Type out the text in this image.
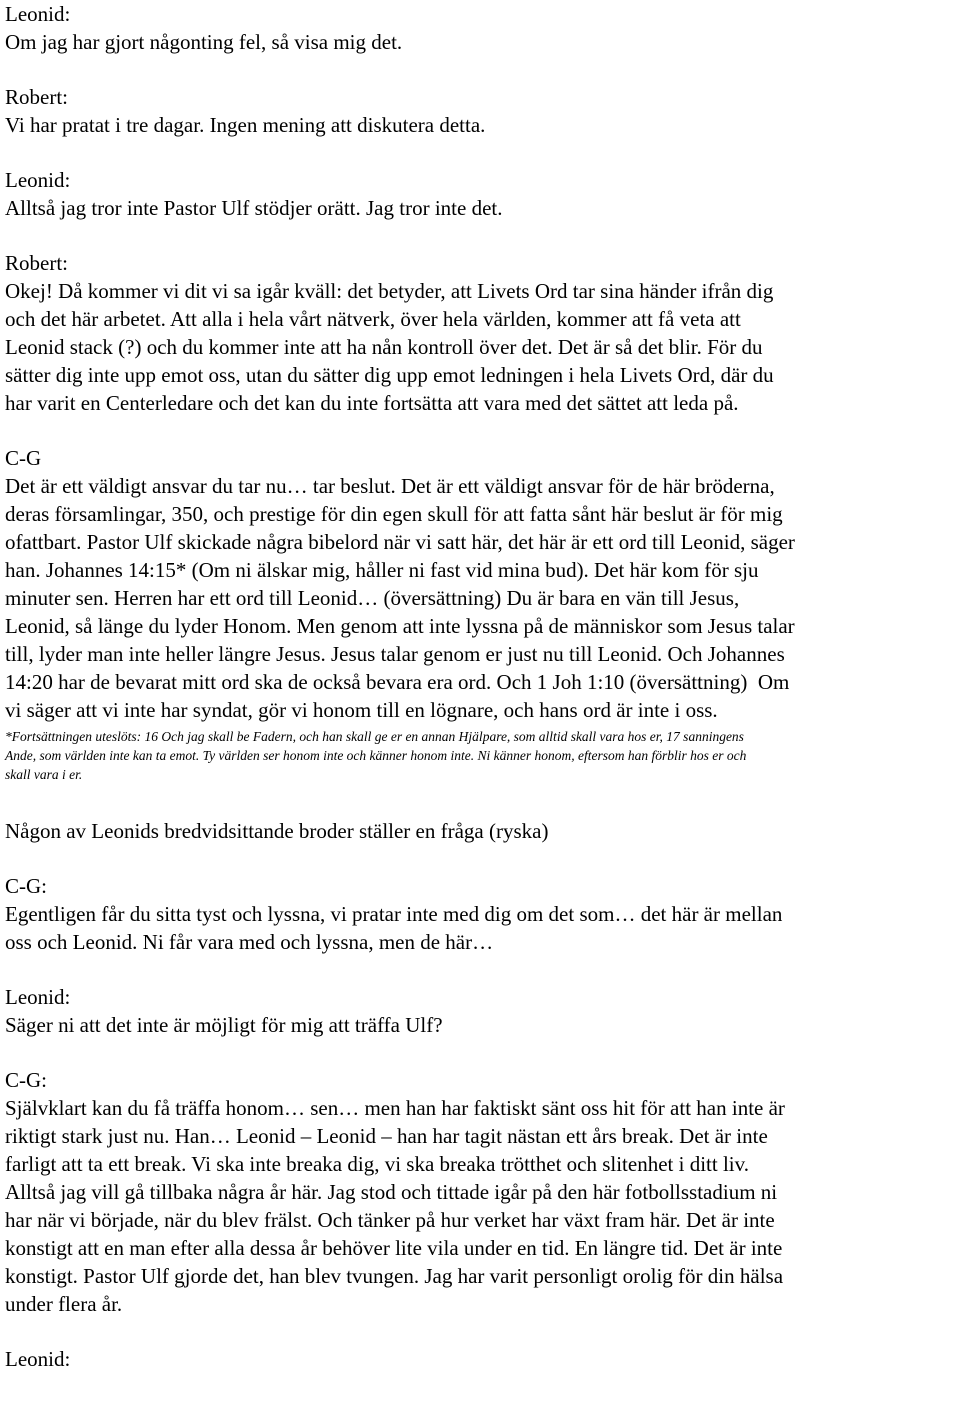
Leonid:

Om jag har gjort någonting fel, så visa mig det.

Robert:

Vi har pratat i tre dagar. Ingen mening att diskutera detta.

Leonid:

Alltså jag tror inte Pastor Ulf stödjer orätt. Jag tror inte det.

Robert:

Okej! Då kommer vi dit vi sa igår kväll: det betyder, att Livets Ord tar sina händer ifrån dig

och det här arbetet. Att alla i hela vårt nätverk, över hela världen, kommer att få veta att

Leonid stack (?) och du kommer inte att ha nån kontroll över det. Det är så det blir. För du

sätter dig inte upp emot oss, utan du sätter dig upp emot ledningen i hela Livets Ord, där du

har varit en Centerledare och det kan du inte fortsätta att vara med det sättet att leda på.

C-G

Det är ett väldigt ansvar du tar nu… tar beslut. Det är ett väldigt ansvar för de här bröderna,

deras församlingar, 350, och prestige för din egen skull för att fatta sånt här beslut är för mig

ofattbart. Pastor Ulf skickade några bibelord när vi satt här, det här är ett ord till Leonid, säger

han. Johannes 14:15* (Om ni älskar mig, håller ni fast vid mina bud). Det här kom för sju

minuter sen. Herren har ett ord till Leonid… (översättning) Du är bara en vän till Jesus,

Leonid, så länge du lyder Honom. Men genom att inte lyssna på de människor som Jesus talar

till, lyder man inte heller längre Jesus. Jesus talar genom er just nu till Leonid. Och Johannes

14:20 har de bevarat mitt ord ska de också bevara era ord. Och 1 Joh 1:10 (översättning)  Om

vi säger att vi inte har syndat, gör vi honom till en lögnare, och hans ord är inte i oss.

*Fortsättningen uteslöts: 16 Och jag skall be Fadern, och han skall ge er en annan Hjälpare, som alltid skall vara hos er, 17 sanningens

Ande, som världen inte kan ta emot. Ty världen ser honom inte och känner honom inte. Ni känner honom, eftersom han förblir hos er och

skall vara i er.

Någon av Leonids bredvidsittande broder ställer en fråga (ryska)

C-G:

Egentligen får du sitta tyst och lyssna, vi pratar inte med dig om det som… det här är mellan

oss och Leonid. Ni får vara med och lyssna, men de här…

Leonid:

Säger ni att det inte är möjligt för mig att träffa Ulf?

C-G:

Självklart kan du få träffa honom… sen… men han har faktiskt sänt oss hit för att han inte är

riktigt stark just nu. Han… Leonid – Leonid – han har tagit nästan ett års break. Det är inte

farligt att ta ett break. Vi ska inte breaka dig, vi ska breaka trötthet och slitenhet i ditt liv.

Alltså jag vill gå tillbaka några år här. Jag stod och tittade igår på den här fotbollsstadium ni

har när vi började, när du blev frälst. Och tänker på hur verket har växt fram här. Det är inte

konstigt att en man efter alla dessa år behöver lite vila under en tid. En längre tid. Det är inte

konstigt. Pastor Ulf gjorde det, han blev tvungen. Jag har varit personligt orolig för din hälsa

under flera år.

Leonid:
